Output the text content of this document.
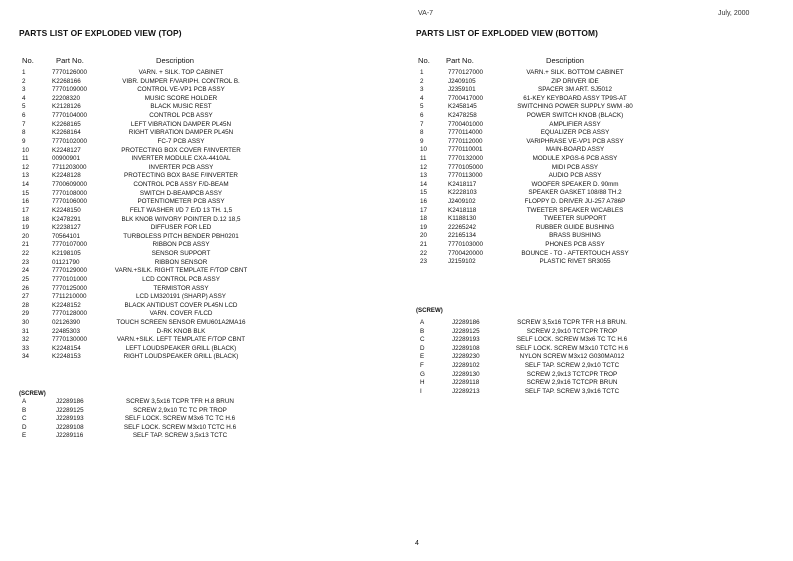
VA-7	July, 2000
PARTS LIST OF EXPLODED VIEW (TOP)
No.	Part No.	Description
1	7770126000	VARN. + SILK. TOP CABINET
2	K2268166	VIBR. DUMPER F/VARIPH. CONTROL B.
3	7770109000	CONTROL VE-VP1 PCB ASSY
4	22208320	MUSIC SCORE HOLDER
5	K2128126	BLACK MUSIC REST
6	7770104000	CONTROL PCB ASSY
7	K2268165	LEFT VIBRATION DAMPER PL45N
8	K2268164	RIGHT VIBRATION DAMPER PL45N
9	7770102000	FC-7 PCB ASSY
10	K2248127	PROTECTING BOX COVER F/INVERTER
11	00900901	INVERTER MODULE CXA-4410AL
12	7711203000	INVERTER PCB ASSY
13	K2248128	PROTECTING BOX BASE F/INVERTER
14	7700609000	CONTROL PCB ASSY F/D-BEAM
15	7770108000	SWITCH D-BEAMPCB ASSY
16	7770106000	POTENTIOMETER PCB ASSY
17	K2248150	FELT WASHER I/D 7 E/D 13 TH. 1,5
18	K2478291	BLK KNOB W/IVORY POINTER D.12 18,5
19	K2238127	DIFFUSER FOR LED
20	70564101	TURBOLESS PITCH BENDER PBH0201
21	7770107000	RIBBON PCB ASSY
22	K2198105	SENSOR SUPPORT
23	01121790	RIBBON SENSOR
24	7770129000	VARN.+SILK. RIGHT TEMPLATE F/TOP CBNT
25	7770101000	LCD CONTROL PCB ASSY
26	7770125000	TERMISTOR ASSY
27	7711210000	LCD LM320191 (SHARP) ASSY
28	K2248152	BLACK ANTIDUST COVER PL45N LCD
29	7770128000	VARN. COVER F/LCD
30	02126390	TOUCH SCREEN SENSOR EMU601A2MA16
31	22485303	D-RK KNOB BLK
32	7770130000	VARN.+SILK. LEFT TEMPLATE F/TOP CBNT
33	K2248154	LEFT LOUDSPEAKER GRILL (BLACK)
34	K2248153	RIGHT LOUDSPEAKER GRILL (BLACK)
(SCREW)
A	J2289186	SCREW 3,5x16 TCPR TFR H.8 BRUN
B	J2289125	SCREW 2,9x10 TC TC PR TROP
C	J2289193	SELF LOCK. SCREW M3x6 TC TC H.6
D	J2289108	SELF LOCK. SCREW M3x10 TCTC H.6
E	J2289116	SELF TAP. SCREW 3,5x13 TCTC
PARTS LIST OF EXPLODED VIEW (BOTTOM)
No. Part No.	Description
1	7770127000	VARN.+ SILK. BOTTOM CABINET
2	J2409105	ZIP DRIVER IDE
3	J2359101	SPACER 3M ART. SJ5012
4	7700417000	61-KEY KEYBOARD ASSY TP9S-AT
5	K2458145	SWITCHING POWER SUPPLY SWM -80
6	K2478258	POWER SWITCH KNOB (BLACK)
7	7700401000	AMPLIFIER ASSY
8	7770114000	EQUALIZER PCB ASSY
9	7770112000	VARIPHRASE VE-VP1 PCB ASSY
10	7770110001	MAIN-BOARD ASSY
11	7770132000	MODULE XPGS-6 PCB ASSY
12	7770105000	MIDI PCB ASSY
13	7770113000	AUDIO PCB ASSY
14	K2418117	WOOFER SPEAKER D. 90mm
15	K2228103	SPEAKER GASKET 108/88 TH.2
16	J2409102	FLOPPY D. DRIVER JU-257 A786P
17	K2418118	TWEETER SPEAKER W/CABLES
18	K1188130	TWEETER SUPPORT
19	22265242	RUBBER GUIDE BUSHING
20	22165134	BRASS BUSHING
21	7770103000	PHONES PCB ASSY
22	7700420000	BOUNCE - TO - AFTERTOUCH ASSY
23	J2159102	PLASTIC RIVET SR3055
(SCREW)
A	J2289186	SCREW 3,5x16 TCPR TFR H.8 BRUN.
B	J2289125	SCREW 2,9x10 TCTCPR TROP
C	J2289193	SELF LOCK. SCREW M3x6 TC TC H.6
D	J2289108	SELF LOCK. SCREW M3x10 TCTC H.6
E	J2289230	NYLON SCREW M3x12 G030MA012
F	J2289102	SELF TAP. SCREW 2,9x10 TCTC
G	J2289130	SCREW 2,9x13 TCTCPR TROP
H	J2289118	SCREW 2,9x16 TCTCPR BRUN
I	J2289213	SELF TAP. SCREW 3,9x16 TCTC
4
